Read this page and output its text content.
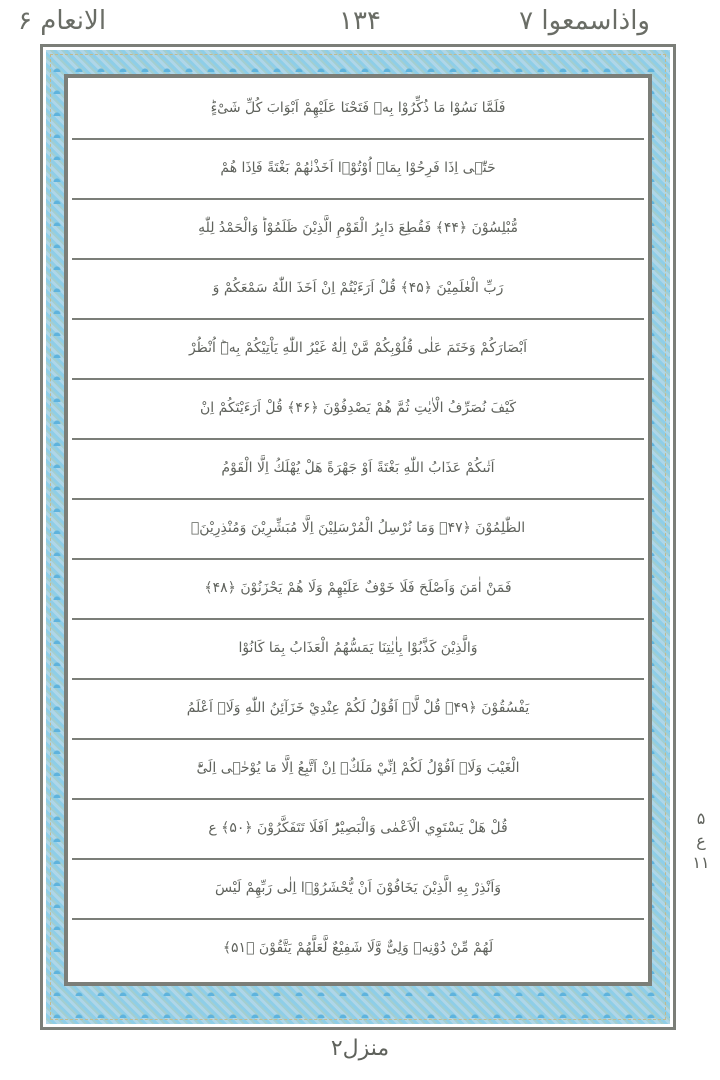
واذاسمعوا ۷
۱۳۴
الانعام ۶
فَلَمَّا نَسُوْا مَا ذُكِّرُوْا بِهٖ فَتَحْنَا عَلَيْهِمْ اَبْوَابَ كُلِّ شَیْءٍؕ
حَتّٰۤى اِذَا فَرِحُوْا بِمَاۤ اُوْتُوْۤا اَخَذْنٰهُمْ بَغْتَةً فَاِذَا هُمْ
مُّبْلِسُوْنَ ﴿۴۴﴾ فَقُطِعَ دَابِرُ الْقَوْمِ الَّذِيْنَ ظَلَمُوْاؕ وَالْحَمْدُ لِلّٰهِ
رَبِّ الْعٰلَمِيْنَ ﴿۴۵﴾ قُلْ اَرَءَيْتُمْ اِنْ اَخَذَ اللّٰهُ سَمْعَكُمْ وَ
اَبْصَارَكُمْ وَخَتَمَ عَلٰى قُلُوْبِكُمْ مَّنْ اِلٰهٌ غَيْرُ اللّٰهِ يَاْتِيْكُمْ بِهٖؕ اُنْظُرْ
كَيْفَ نُصَرِّفُ الْاٰيٰتِ ثُمَّ هُمْ يَصْدِفُوْنَ ﴿۴۶﴾ قُلْ اَرَءَيْتَكُمْ اِنْ
اَتٰىكُمْ عَذَابُ اللّٰهِ بَغْتَةً اَوْ جَهْرَةً هَلْ يُهْلَكُ اِلَّا الْقَوْمُ
الظّٰلِمُوْنَ ﴿۴۷﴾ وَمَا نُرْسِلُ الْمُرْسَلِيْنَ اِلَّا مُبَشِّرِيْنَ وَمُنْذِرِيْنَۚ
فَمَنْ اٰمَنَ وَاَصْلَحَ فَلَا خَوْفٌ عَلَيْهِمْ وَلَا هُمْ يَحْزَنُوْنَ ﴿۴۸﴾
وَالَّذِيْنَ كَذَّبُوْا بِاٰيٰتِنَا يَمَسُّهُمُ الْعَذَابُ بِمَا كَانُوْا
يَفْسُقُوْنَ ﴿۴۹﴾ قُلْ لَّاۤ اَقُوْلُ لَكُمْ عِنْدِيْ خَزَآئِنُ اللّٰهِ وَلَاۤ اَعْلَمُ
الْغَيْبَ وَلَاۤ اَقُوْلُ لَكُمْ اِنِّيْ مَلَكٌۚ اِنْ اَتَّبِعُ اِلَّا مَا يُوْحٰۤى اِلَیَّؕ
قُلْ هَلْ يَسْتَوِي الْاَعْمٰى وَالْبَصِيْرُؕ اَفَلَا تَتَفَكَّرُوْنَ ﴿۵۰﴾ ع
وَاَنْذِرْ بِهِ الَّذِيْنَ يَخَافُوْنَ اَنْ يُّحْشَرُوْۤا اِلٰى رَبِّهِمْ لَيْسَ
لَهُمْ مِّنْ دُوْنِهٖ وَلِیٌّ وَّلَا شَفِيْعٌ لَّعَلَّهُمْ يَتَّقُوْنَ ﴿۵۱﴾
۵ ع ۱۱
منزل۲
